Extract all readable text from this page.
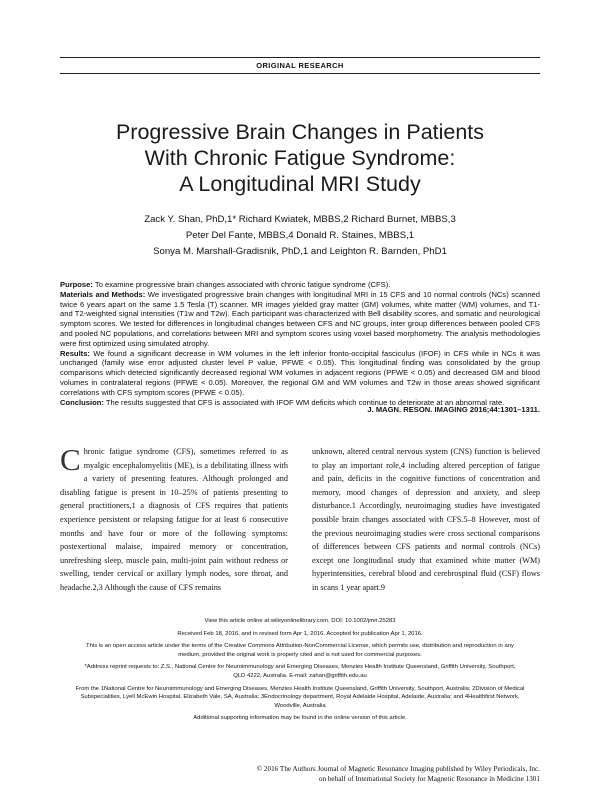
ORIGINAL RESEARCH
Progressive Brain Changes in Patients
With Chronic Fatigue Syndrome:
A Longitudinal MRI Study
Zack Y. Shan, PhD,1* Richard Kwiatek, MBBS,2 Richard Burnet, MBBS,3
Peter Del Fante, MBBS,4 Donald R. Staines, MBBS,1
Sonya M. Marshall-Gradisnik, PhD,1 and Leighton R. Barnden, PhD1

Purpose: To examine progressive brain changes associated with chronic fatigue syndrome (CFS).

Materials and Methods: We investigated progressive brain changes with longitudinal MRI in 15 CFS and 10 normal controls (NCs) scanned twice 6 years apart on the same 1.5 Tesla (T) scanner. MR images yielded gray matter (GM) volumes, white matter (WM) volumes, and T1- and T2-weighted signal intensities (T1w and T2w). Each participant was characterized with Bell disability scores, and somatic and neurological symptom scores. We tested for differences in longitudinal changes between CFS and NC groups, inter group differences between pooled CFS and pooled NC populations, and correlations between MRI and symptom scores using voxel based morphometry. The analysis methodologies were first optimized using simulated atrophy.

Results: We found a significant decrease in WM volumes in the left inferior fronto-occipital fasciculus (IFOF) in CFS while in NCs it was unchanged (family wise error adjusted cluster level P value, PFWE < 0.05). This longitudinal finding was consolidated by the group comparisons which detected significantly decreased regional WM volumes in adjacent regions (PFWE < 0.05) and decreased GM and blood volumes in contralateral regions (PFWE < 0.05). Moreover, the regional GM and WM volumes and T2w in those areas showed significant correlations with CFS symptom scores (PFWE < 0.05).

Conclusion: The results suggested that CFS is associated with IFOF WM deficits which continue to deteriorate at an abnormal rate.

J. MAGN. RESON. IMAGING 2016;44:1301–1311.

Chronic fatigue syndrome (CFS), sometimes referred to as myalgic encephalomyelitis (ME), is a debilitating illness with a variety of presenting features. Although prolonged and disabling fatigue is present in 10–25% of patients presenting to general practitioners,1 a diagnosis of CFS requires that patients experience persistent or relapsing fatigue for at least 6 consecutive months and have four or more of the following symptoms: postexertional malaise, impaired memory or concentration, unrefreshing sleep, muscle pain, multi-joint pain without redness or swelling, tender cervical or axillary lymph nodes, sore throat, and headache.2,3 Although the cause of CFS remains

unknown, altered central nervous system (CNS) function is believed to play an important role,4 including altered perception of fatigue and pain, deficits in the cognitive functions of concentration and memory, mood changes of depression and anxiety, and sleep disturbance.1 Accordingly, neuroimaging studies have investigated possible brain changes associated with CFS.5–8 However, most of the previous neuroimaging studies were cross sectional comparisons of differences between CFS patients and normal controls (NCs) except one longitudinal study that examined white matter (WM) hyperintensities, cerebral blood and cerebrospinal fluid (CSF) flows in scans 1 year apart.9

View this article online at wileyonlinelibrary.com. DOI: 10.1002/jmri.25283

Received Feb 18, 2016, and in revised form Apr 1, 2016. Accepted for publication Apr 1, 2016.

This is an open access article under the terms of the Creative Commons Attribution-NonCommercial License, which permits use, distribution and reproduction in any medium, provided the original work is properly cited and is not used for commercial purposes.

*Address reprint requests to: Z.S., National Centre for Neuroimmunology and Emerging Diseases, Menzies Health Institute Queensland, Griffith University, Southport, QLD 4222, Australia. E-mail: zahan@griffith.edu.au

From the 1National Centre for Neuroimmunology and Emerging Diseases, Menzies Health Institute Queensland, Griffith University, Southport, Australia; 2Division of Medical Subspecialities, Lyell McEwin Hospital, Elizabeth Vale, SA, Australia; 3Endocrinology department, Royal Adelaide Hospital, Adelaide, Australia; and 4Healthfirst Network, Woodville, Australia

Additional supporting information may be found in the online version of this article.

© 2016 The Authors Journal of Magnetic Resonance Imaging published by Wiley Periodicals, Inc.
on behalf of International Society for Magnetic Resonance in Medicine 1301
